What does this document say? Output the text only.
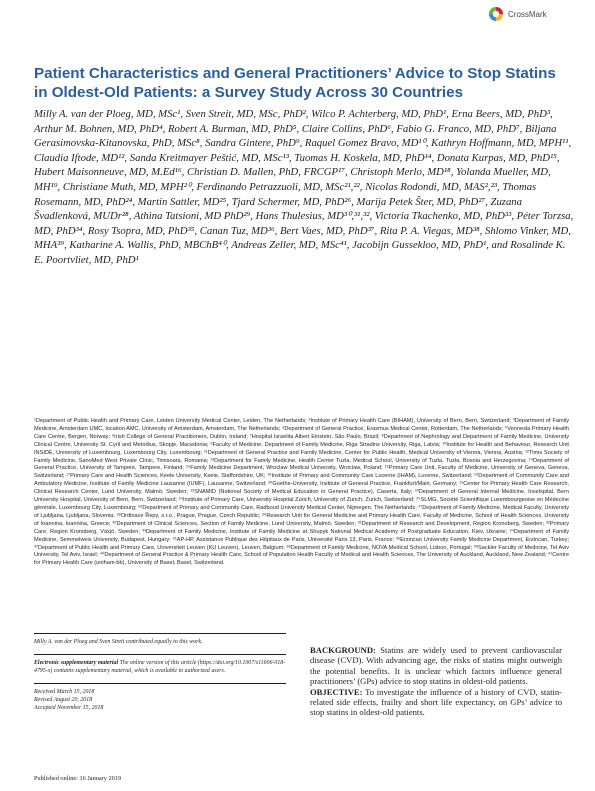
CrossMark
Patient Characteristics and General Practitioners’ Advice to Stop Statins in Oldest-Old Patients: a Survey Study Across 30 Countries
Milly A. van der Ploeg, MD, MSc¹, Sven Streit, MD, MSc, PhD², Wilco P. Achterberg, MD, PhD¹, Erna Beers, MD, PhD³, Arthur M. Bohnen, MD, PhD⁴, Robert A. Burman, MD, PhD⁵, Claire Collins, PhD⁶, Fabio G. Franco, MD, PhD⁷, Biljana Gerasimovska-Kitanovska, PhD, MSc⁸, Sandra Gintere, PhD⁹, Raquel Gomez Bravo, MD¹⁰, Kathryn Hoffmann, MD, MPH¹¹, Claudia Iftode, MD¹², Sanda Kreitmayer Peštić, MD, MSc¹³, Tuomas H. Koskela, MD, PhD¹⁴, Donata Kurpas, MD, PhD¹⁵, Hubert Maisonneuve, MD, M.Ed¹⁶, Christian D. Mallen, PhD, FRCGP¹⁷, Christoph Merlo, MD¹⁸, Yolanda Mueller, MD, MH¹⁹, Christiane Muth, MD, MPH²⁰, Ferdinando Petrazzuoli, MD, MSc²¹,²², Nicolas Rodondi, MD, MAS²,²³, Thomas Rosemann, MD, PhD²⁴, Martin Sattler, MD²⁵, Tjard Schermer, MD, PhD²⁶, Marija Petek Šter, MD, PhD²⁷, Zuzana Švadlenková, MUDr²⁸, Athina Tatsioni, MD PhD²⁹, Hans Thulesius, MD³⁰,³¹,³², Victoria Tkachenko, MD, PhD³³, Péter Torzsa, MD, PhD³⁴, Rosy Tsopra, MD, PhD³⁵, Canan Tuz, MD³⁶, Bert Vaes, MD, PhD³⁷, Rita P. A. Viegas, MD³⁸, Shlomo Vinker, MD, MHA³⁹, Katharine A. Wallis, PhD, MBChB⁴⁰, Andreas Zeller, MD, MSc⁴¹, Jacobijn Gussekloo, MD, PhD¹, and Rosalinde K. E. Poortvliet, MD, PhD¹
¹Department of Public Health and Primary Care, Leiden University Medical Center, Leiden, The Netherlands; ²Institute of Primary Health Care (BIHAM), University of Bern, Bern, Switzerland; ³Department of Family Medicine, Amsterdam UMC, location AMC, University of Amsterdam, Amsterdam, The Netherlands; ⁴Department of General Practice, Erasmus Medical Center, Rotterdam, The Netherlands; ⁵Vennesla Primary Health Care Centre, Bergen, Norway; ⁶Irish College of General Practitioners, Dublin, Ireland; ⁷Hospital Israelita Albert Einstein, São Paulo, Brazil; ⁸Department of Nephrology and Department of Family Medicine, University Clinical Centre, University St. Cyril and Metodius, Skopje, Macedonia; ⁹Faculty of Medicine, Department of Family Medicine, Riga Stradins University, Riga, Latvia; ¹⁰Institute for Health and Behaviour, Research Unit INSIDE, University of Luxembourg, Luxembourg City, Luxembourg; ¹¹Department of General Practice and Family Medicine, Center for Public Health, Medical University of Vienna, Vienna, Austria; ¹²Timis Society of Family Medicine, SanoMed West Private Clinic, Timisoara, Romania; ¹³Department for Family Medicine, Health Center Tuzla, Medical School, University of Tuzla, Tuzla, Bosnia and Herzegovina; ¹⁴Department of General Practice, University of Tampere, Tampere, Finland; ¹⁵Family Medicine Department, Wroclaw Medical University, Wroclaw, Poland; ¹⁶Primary Care Unit, Faculty of Medicine, University of Geneva, Geneva, Switzerland; ¹⁷Primary Care and Health Sciences, Keele University, Keele, Staffordshire, UK; ¹⁸Institute of Primary and Community Care Lucerne (IHAM), Lucerne, Switzerland; ¹⁹Department of Community Care and Ambulatory Medicine, Institute of Family Medicine Lausanne (IUMF), Lausanne, Switzerland; ²⁰Goethe-University, Institute of General Practice, Frankfurt/Main, Germany; ²¹Center for Primary Health Care Research, Clinical Research Center, Lund University, Malmö, Sweden; ²²SNAMID (National Society of Medical Education in General Practice), Caserta, Italy; ²³Department of General Internal Medicine, Inselspital, Bern University Hospital, University of Bern, Bern, Switzerland; ²⁴Institute of Primary Care, University Hospital Zurich, University of Zurich, Zurich, Switzerland; ²⁵SLMG, Société Scientifique Luxembourgeoise en Médecine générale, Luxembourg City, Luxembourg; ²⁶Department of Primary and Community Care, Radboud University Medical Center, Nijmegen, The Netherlands; ²⁷Department of Family Medicine, Medical Faculty, University of Ljubljana, Ljubljana, Slovenia; ²⁸Ordinace Řepy, s.r.o., Prague, Prague, Czech Republic; ²⁹Research Unit for General Medicine and Primary Health Care, Faculty of Medicine, School of Health Sciences, University of Ioannina, Ioannina, Greece; ³⁰Department of Clinical Sciences, Section of Family Medicine, Lund University, Malmö, Sweden; ³¹Department of Research and Development, Region Kronoberg, Sweden; ³²Primary Care, Region Kronoberg, Växjö, Sweden; ³³Department of Family Medicine, Institute of Family Medicine at Shupyk National Medical Academy of Postgraduate Education, Kiev, Ukraine; ³⁴Department of Family Medicine, Semmelweis University, Budapest, Hungary; ³⁵AP-HP, Assistance Publique des Hôpitaux de Paris, Université Paris 13, Paris, France; ³⁶Erzincan University Family Medicine Department, Erzincan, Turkey; ³⁷Department of Public Health and Primary Care, Universiteit Leuven (KU Leuven), Leuven, Belgium; ³⁸Department of Family Medicine, NOVA Medical School, Lisbon, Portugal; ³⁹Sackler Faculty of Medicine, Tel Aviv University, Tel Aviv, Israel; ⁴⁰Department of General Practice & Primary Health Care, School of Population Health Faculty of Medical and Health Sciences, The University of Auckland, Auckland, New Zealand; ⁴¹Centre for Primary Health Care (uniham-bb), University of Basel, Basel, Switzerland.
Milly A. van der Ploeg and Sven Streit contributed equally to this work.
Electronic supplementary material The online version of this article (https://doi.org/10.1007/s11606-018-4795-x) contains supplementary material, which is available to authorized users.
Received March 15, 2018
Revised August 20, 2018
Accepted November 15, 2018
BACKGROUND: Statins are widely used to prevent cardiovascular disease (CVD). With advancing age, the risks of statins might outweigh the potential benefits. It is unclear which factors influence general practitioners’ (GPs) advice to stop statins in oldest-old patients.
OBJECTIVE: To investigate the influence of a history of CVD, statin-related side effects, frailty and short life expectancy, on GPs’ advice to stop statins in oldest-old patients.
Published online: 16 January 2019
